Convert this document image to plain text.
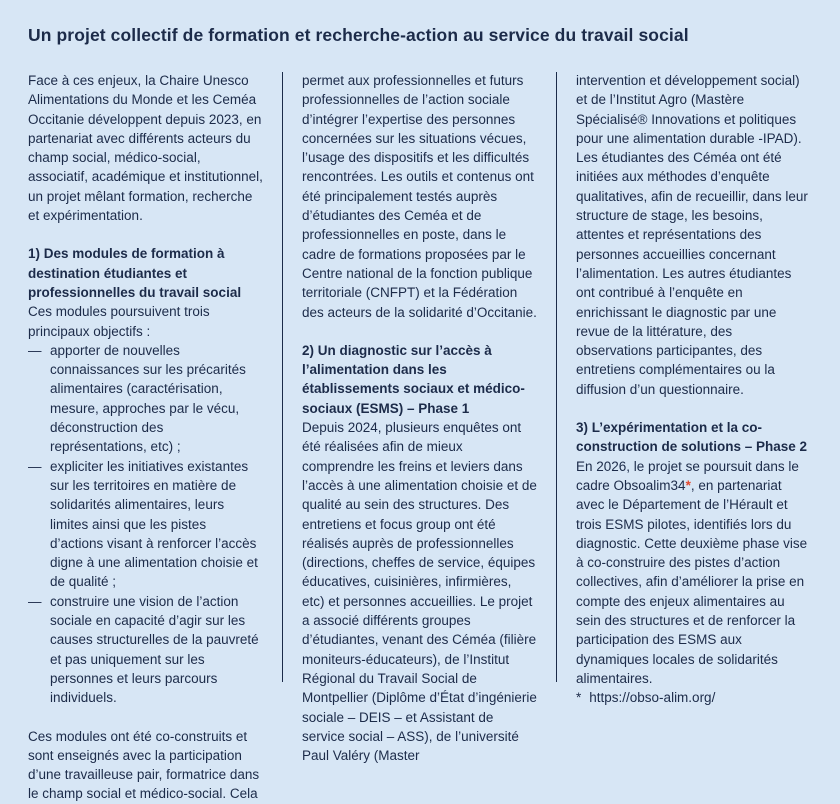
Un projet collectif de formation et recherche-action au service du travail social

Face à ces enjeux, la Chaire Unesco Alimentations du Monde et les Ceméa Occitanie développent depuis 2023, en partenariat avec différents acteurs du champ social, médico-social, associatif, académique et institutionnel, un projet mêlant formation, recherche et expérimentation.

1) Des modules de formation à destination étudiantes et professionnelles du travail social

Ces modules poursuivent trois principaux objectifs :

— apporter de nouvelles connaissances sur les précarités alimentaires (caractérisation, mesure, approches par le vécu, déconstruction des représentations, etc) ;
— expliciter les initiatives existantes sur les territoires en matière de solidarités alimentaires, leurs limites ainsi que les pistes d’actions visant à renforcer l’accès digne à une alimentation choisie et de qualité ;
— construire une vision de l’action sociale en capacité d’agir sur les causes structurelles de la pauvreté et pas uniquement sur les personnes et leurs parcours individuels.

Ces modules ont été co-construits et sont enseignés avec la participation d’une travailleuse pair, formatrice dans le champ social et médico-social. Cela

permet aux professionnelles et futurs professionnelles de l’action sociale d’intégrer l’expertise des personnes concernées sur les situations vécues, l’usage des dispositifs et les difficultés rencontrées. Les outils et contenus ont été principalement testés auprès d’étudiantes des Ceméa et de professionnelles en poste, dans le cadre de formations proposées par le Centre national de la fonction publique territoriale (CNFPT) et la Fédération des acteurs de la solidarité d’Occitanie.

2) Un diagnostic sur l’accès à l’alimentation dans les établissements sociaux et médico-sociaux (ESMS) – Phase 1

Depuis 2024, plusieurs enquêtes ont été réalisées afin de mieux comprendre les freins et leviers dans l’accès à une alimentation choisie et de qualité au sein des structures. Des entretiens et focus group ont été réalisés auprès de professionnelles (directions, cheffes de service, équipes éducatives, cuisinières, infirmières, etc) et personnes accueillies. Le projet a associé différents groupes d’étudiantes, venant des Céméa (filière moniteurs-éducateurs), de l’Institut Régional du Travail Social de Montpellier (Diplôme d’État d’ingénierie sociale – DEIS – et Assistant de service social – ASS), de l’université Paul Valéry (Master

intervention et développement social) et de l’Institut Agro (Mastère Spécialisé® Innovations et politiques pour une alimentation durable -IPAD). Les étudiantes des Céméa ont été initiées aux méthodes d’enquête qualitatives, afin de recueillir, dans leur structure de stage, les besoins, attentes et représentations des personnes accueillies concernant l’alimentation. Les autres étudiantes ont contribué à l’enquête en enrichissant le diagnostic par une revue de la littérature, des observations participantes, des entretiens complémentaires ou la diffusion d’un questionnaire.

3) L’expérimentation et la co-construction de solutions – Phase 2

En 2026, le projet se poursuit dans le cadre Obsoalim34*, en partenariat avec le Département de l’Hérault et trois ESMS pilotes, identifiés lors du diagnostic. Cette deuxième phase vise à co-construire des pistes d’action collectives, afin d’améliorer la prise en compte des enjeux alimentaires au sein des structures et de renforcer la participation des ESMS aux dynamiques locales de solidarités alimentaires.

* https://obso-alim.org/
